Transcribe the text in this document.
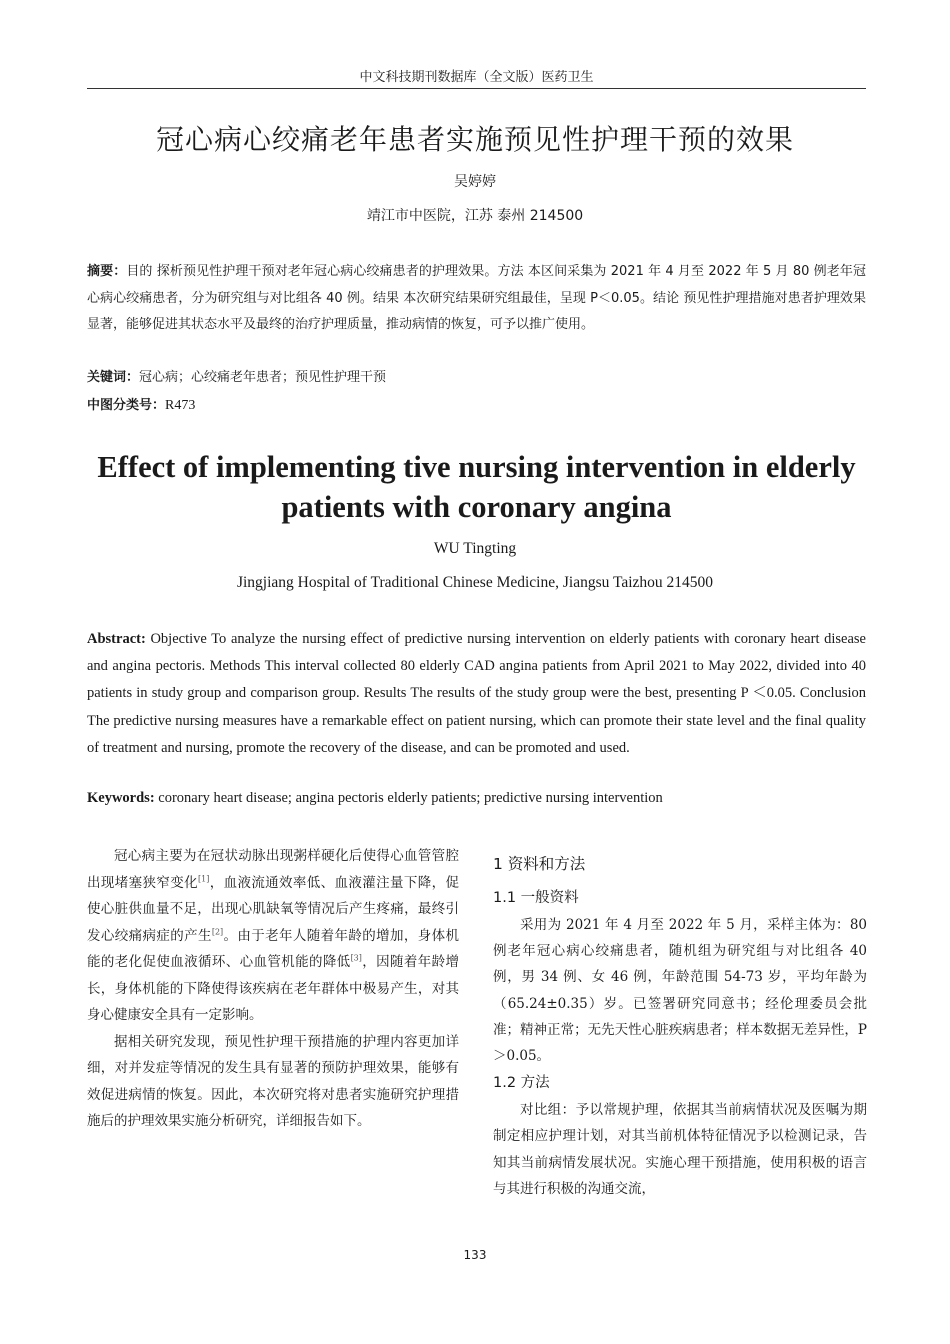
中文科技期刊数据库（全文版）医药卫生
冠心病心绞痛老年患者实施预见性护理干预的效果
吴婷婷
靖江市中医院，江苏 泰州 214500

摘要：目的 探析预见性护理干预对老年冠心病心绞痛患者的护理效果。方法 本区间采集为 2021 年 4 月至 2022 年 5 月 80 例老年冠心病心绞痛患者，分为研究组与对比组各 40 例。结果 本次研究结果研究组最佳，呈现 P＜0.05。结论 预见性护理措施对患者护理效果显著，能够促进其状态水平及最终的治疗护理质量，推动病情的恢复，可予以推广使用。

关键词：冠心病；心绞痛老年患者；预见性护理干预

中图分类号：R473

Effect of implementing tive nursing intervention in elderly patients with coronary angina
WU Tingting
Jingjiang Hospital of Traditional Chinese Medicine, Jiangsu Taizhou 214500

Abstract: Objective To analyze the nursing effect of predictive nursing intervention on elderly patients with coronary heart disease and angina pectoris. Methods This interval collected 80 elderly CAD angina patients from April 2021 to May 2022, divided into 40 patients in study group and comparison group. Results The results of the study group were the best, presenting P ＜0.05. Conclusion The predictive nursing measures have a remarkable effect on patient nursing, which can promote their state level and the final quality of treatment and nursing, promote the recovery of the disease, and can be promoted and used.

Keywords: coronary heart disease; angina pectoris elderly patients; predictive nursing intervention

冠心病主要为在冠状动脉出现粥样硬化后使得心血管管腔出现堵塞狭窄变化[1]，血液流通效率低、血液灌注量下降，促使心脏供血量不足，出现心肌缺氧等情况后产生疼痛，最终引发心绞痛病症的产生[2]。由于老年人随着年龄的增加，身体机能的老化促使血液循环、心血管机能的降低[3]，因随着年龄增长，身体机能的下降使得该疾病在老年群体中极易产生，对其身心健康安全具有一定影响。

据相关研究发现，预见性护理干预措施的护理内容更加详细，对并发症等情况的发生具有显著的预防护理效果，能够有效促进病情的恢复。因此，本次研究将对患者实施研究护理措施后的护理效果实施分析研究，详细报告如下。

1 资料和方法
1.1 一般资料

采用为 2021 年 4 月至 2022 年 5 月，采样主体为：80 例老年冠心病心绞痛患者，随机组为研究组与对比组各 40 例，男 34 例、女 46 例，年龄范围 54-73 岁，平均年龄为（65.24±0.35）岁。已签署研究同意书；经伦理委员会批准；精神正常；无先天性心脏疾病患者；样本数据无差异性，P＞0.05。

1.2 方法

对比组：予以常规护理，依据其当前病情状况及医嘱为期制定相应护理计划，对其当前机体特征情况予以检测记录，告知其当前病情发展状况。实施心理干预措施，使用积极的语言与其进行积极的沟通交流，

133
